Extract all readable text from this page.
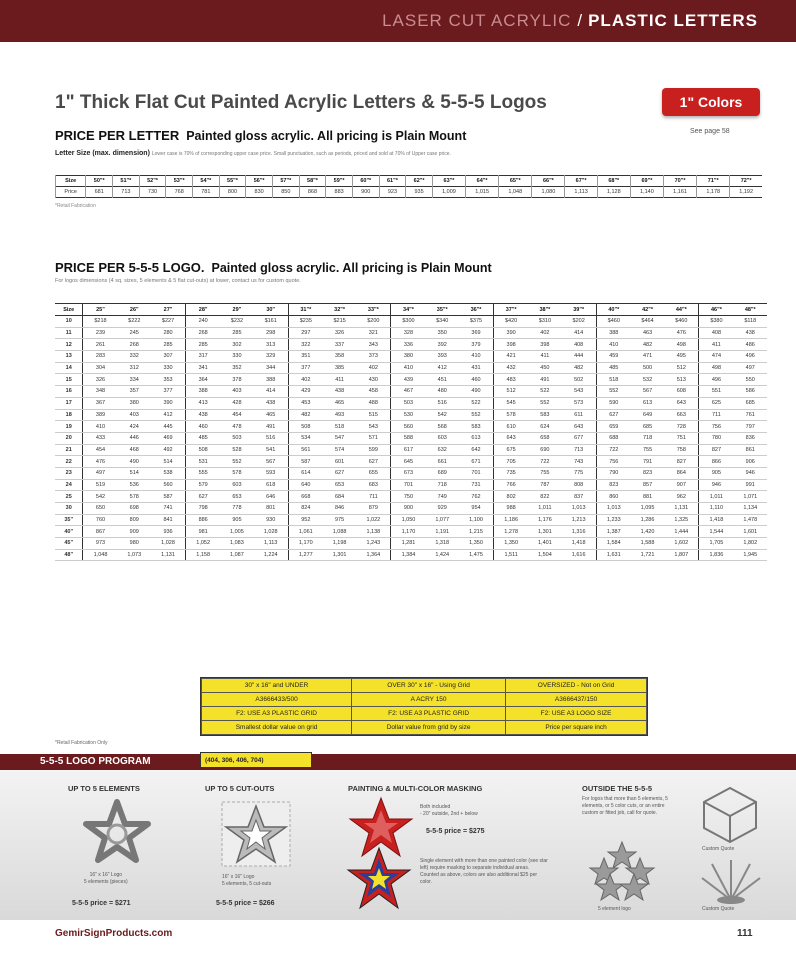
LASER CUT ACRYLIC / PLASTIC LETTERS
1" Thick Flat Cut Painted Acrylic Letters & 5-5-5 Logos	1" Colors
See page 58
PRICE PER LETTER Painted gloss acrylic. All pricing is Plain Mount
Letter Size (max. dimension) Lower case is 70% of corresponding upper case price. Small punctuation, such as periods, priced and sold at 70% of Upper case price.
Size	50"*	51"*	52"*	53"*	54"*	55"*	56"*	57"*	58"*	59"*	60"*	61"*	62"*	63"*	64"*	65"*	66"*	67"*	68"*	69"*	70"*	71"*	72"*
Price	681	713	730	768	781	800	830	850	868	883	900	923	935	1,009	1,015	1,048	1,080	1,113	1,128	1,140	1,161	1,178	1,192
*Retail Fabrication
PRICE PER 5-5-5 LOGO. Painted gloss acrylic. All pricing is Plain Mount
For logos dimensions (4 sq. sizes, 5 elements & 5 flat cut-outs) at lower, contact us for custom quote.
Size	25"	26"	27"	28"	29"	30"	31"*	32"*	33"*	34"*	35"*	36"*	37"*	38"*	39"*	40"*	42"*	44"*	46"*	48"*
10	$218	$222	$227	240	$232	$161	$235	$215	$200	$300	$340	$375	$420	$310	$202	$460	$464	$460	$380	$118
11	239	245	280	268	285	298	297	326	321	328	350	369	390	402	414	388	463	476	408	438
12	261	268	285	285	302	313	322	337	343	336	392	379	398	398	408	410	482	498	411	486
13	283	332	307	317	330	329	351	358	373	380	393	410	421	411	444	459	471	495	474	496
14	304	312	330	341	352	344	377	385	402	410	412	431	432	450	482	485	500	512	498	497
15	326	334	353	364	378	388	402	411	430	439	451	460	483	491	502	518	532	513	496	550
16	348	357	377	388	403	414	429	438	458	467	480	490	512	522	543	552	567	608	551	586
17	367	380	390	413	428	438	453	465	488	503	516	522	545	552	573	590	613	643	625	685
18	389	403	412	438	454	465	482	493	515	530	542	552	578	583	611	627	649	663	711	761
19	410	424	445	460	478	491	508	518	543	560	568	583	610	624	643	659	685	728	756	797
20	433	446	469	485	503	516	534	547	571	588	603	613	643	658	677	688	718	751	780	836
21	454	468	492	508	528	541	561	574	599	617	632	642	675	690	713	722	755	758	827	861
22	476	490	514	531	552	567	587	601	627	645	661	671	705	722	743	756	791	827	866	906
23	497	514	538	555	578	593	614	627	655	673	689	701	735	755	775	790	823	864	905	946
24	519	536	560	579	603	618	640	653	683	701	718	731	766	787	808	823	857	907	946	991
25	542	578	587	627	653	646	668	684	711	750	749	762	802	822	837	860	881	962	1,011	1,071
30	650	698	741	798	778	801	824	846	879	900	929	954	988	1,011	1,013	1,013	1,095	1,131	1,110	1,134
35"	760	809	841	886	905	930	952	975	1,022	1,050	1,077	1,100	1,186	1,176	1,213	1,233	1,286	1,325	1,418	1,478
40"	867	909	936	981	1,005	1,028	1,061	1,088	1,138	1,170	1,191	1,215	1,278	1,301	1,316	1,387	1,420	1,444	1,544	1,601
45"	973	980	1,028	1,052	1,083	1,113	1,170	1,198	1,243	1,281	1,318	1,350	1,350	1,401	1,418	1,584	1,588	1,602	1,705	1,802
48"	1,048	1,073	1,131	1,158	1,087	1,224	1,277	1,301	1,364	1,384	1,424	1,475	1,511	1,504	1,616	1,631	1,721	1,807	1,836	1,945
30" x 16" and UNDER	OVER 30" x 16" - Using Grid	OVERSIZED - Not on Grid
A3666433/500	A ACRY 150	A3666437/150
F2: USE A3 PLASTIC GRID	F2: USE A3 PLASTIC GRID	F2: USE A3 LOGO SIZE
Smallest dollar value on grid	Dollar value from grid by size	Price per square inch
*Retail Fabrication Only
5-5-5 LOGO PROGRAM	(404, 306, 406, 704)
UP TO 5 ELEMENTS
16" x 16" Logo
5 elements (pieces)
5-5-5 price = $271
UP TO 5 CUT-OUTS
16" x 16" Logo
5 elements, 5 cut-outs
5-5-5 price = $266
PAINTING & MULTI-COLOR MASKING
Both included
- 20" outside, 2nd + below
5-5-5 price = $275
Single element with more than one painted color (see star left) require masking to separate individual areas. Counted as above, colors are also additional $25 per color.
OUTSIDE THE 5-5-5
For logos that more than 5 elements, 5 elements, or 5 color cuts, or an entire custom or fitted job, call for quote.
Custom Quote
5 element logo	Custom Quote
GemirSignProducts.com	111
